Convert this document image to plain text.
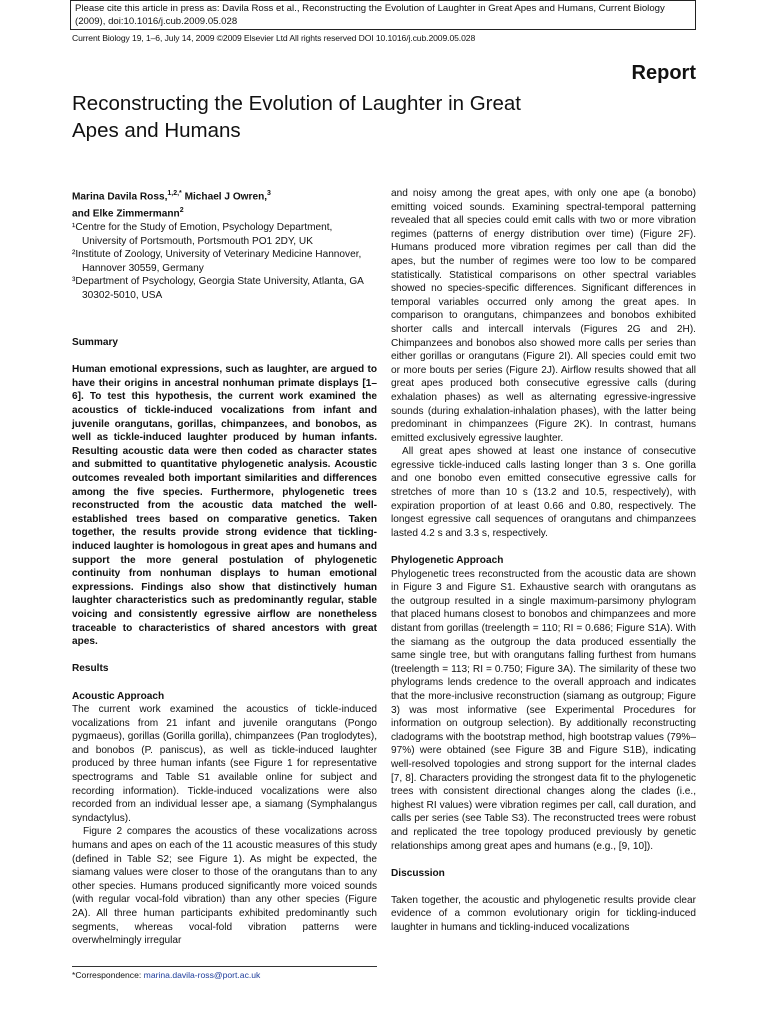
Please cite this article in press as: Davila Ross et al., Reconstructing the Evolution of Laughter in Great Apes and Humans, Current Biology (2009), doi:10.1016/j.cub.2009.05.028
Current Biology 19, 1–6, July 14, 2009 ©2009 Elsevier Ltd All rights reserved DOI 10.1016/j.cub.2009.05.028
Report
Reconstructing the Evolution of Laughter in Great Apes and Humans

Marina Davila Ross,$^{1,2,*}$ Michael J Owren,$^3$
and Elke Zimmermann$^2$

¹Centre for the Study of Emotion, Psychology Department, University of Portsmouth, Portsmouth PO1 2DY, UK

²Institute of Zoology, University of Veterinary Medicine Hannover, Hannover 30559, Germany

³Department of Psychology, Georgia State University, Atlanta, GA 30302-5010, USA

Summary

Human emotional expressions, such as laughter, are argued to have their origins in ancestral nonhuman primate displays [1–6]. To test this hypothesis, the current work examined the acoustics of tickle-induced vocalizations from infant and juvenile orangutans, gorillas, chimpanzees, and bonobos, as well as tickle-induced laughter produced by human infants. Resulting acoustic data were then coded as character states and submitted to quantitative phylogenetic analysis. Acoustic outcomes revealed both important similarities and differences among the five species. Furthermore, phylogenetic trees reconstructed from the acoustic data matched the well-established trees based on comparative genetics. Taken together, the results provide strong evidence that tickling-induced laughter is homologous in great apes and humans and support the more general postulation of phylogenetic continuity from nonhuman displays to human emotional expressions. Findings also show that distinctively human laughter characteristics such as predominantly regular, stable voicing and consistently egressive airflow are nonetheless traceable to characteristics of shared ancestors with great apes.

Results

Acoustic Approach

The current work examined the acoustics of tickle-induced vocalizations from 21 infant and juvenile orangutans (Pongo pygmaeus), gorillas (Gorilla gorilla), chimpanzees (Pan troglodytes), and bonobos (P. paniscus), as well as tickle-induced laughter produced by three human infants (see Figure 1 for representative spectrograms and Table S1 available online for subject and recording information). Tickle-induced vocalizations were also recorded from an individual lesser ape, a siamang (Symphalangus syndactylus).

Figure 2 compares the acoustics of these vocalizations across humans and apes on each of the 11 acoustic measures of this study (defined in Table S2; see Figure 1). As might be expected, the siamang values were closer to those of the orangutans than to any other species. Humans produced significantly more voiced sounds (with regular vocal-fold vibration) than any other species (Figure 2A). All three human participants exhibited predominantly such segments, whereas vocal-fold vibration patterns were overwhelmingly irregular

and noisy among the great apes, with only one ape (a bonobo) emitting voiced sounds. Examining spectral-temporal patterning revealed that all species could emit calls with two or more vibration regimes (patterns of energy distribution over time) (Figure 2F). Humans produced more vibration regimes per call than did the apes, but the number of regimes were too low to be compared statistically. Statistical comparisons on other spectral variables showed no species-specific differences. Significant differences in temporal variables occurred only among the great apes. In comparison to orangutans, chimpanzees and bonobos exhibited shorter calls and intercall intervals (Figures 2G and 2H). Chimpanzees and bonobos also showed more calls per series than either gorillas or orangutans (Figure 2I). All species could emit two or more bouts per series (Figure 2J). Airflow results showed that all great apes produced both consecutive egressive calls (during exhalation phases) as well as alternating egressive-ingressive sounds (during exhalation-inhalation phases), with the latter being predominant in chimpanzees (Figure 2K). In contrast, humans emitted exclusively egressive laughter.

All great apes showed at least one instance of consecutive egressive tickle-induced calls lasting longer than 3 s. One gorilla and one bonobo even emitted consecutive egressive calls for stretches of more than 10 s (13.2 and 10.5, respectively), with expiration proportion of at least 0.66 and 0.80, respectively. The longest egressive call sequences of orangutans and chimpanzees lasted 4.2 s and 3.3 s, respectively.

Phylogenetic Approach

Phylogenetic trees reconstructed from the acoustic data are shown in Figure 3 and Figure S1. Exhaustive search with orangutans as the outgroup resulted in a single maximum-parsimony phylogram that placed humans closest to bonobos and chimpanzees and more distant from gorillas (treelength = 110; RI = 0.686; Figure S1A). With the siamang as the outgroup the data produced essentially the same single tree, but with orangutans falling furthest from humans (treelength = 113; RI = 0.750; Figure 3A). The similarity of these two phylograms lends credence to the overall approach and indicates that the more-inclusive reconstruction (siamang as outgroup; Figure 3) was most informative (see Experimental Procedures for information on outgroup selection). By additionally reconstructing cladograms with the bootstrap method, high bootstrap values (79%–97%) were obtained (see Figure 3B and Figure S1B), indicating well-resolved topologies and strong support for the internal clades [7, 8]. Characters providing the strongest data fit to the phylogenetic trees with consistent directional changes along the clades (i.e., highest RI values) were vibration regimes per call, call duration, and calls per series (see Table S3). The reconstructed trees were robust and replicated the tree topology produced previously by genetic relationships among great apes and humans (e.g., [9, 10]).

Discussion

Taken together, the acoustic and phylogenetic results provide clear evidence of a common evolutionary origin for tickling-induced laughter in humans and tickling-induced vocalizations

*Correspondence: marina.davila-ross@port.ac.uk
